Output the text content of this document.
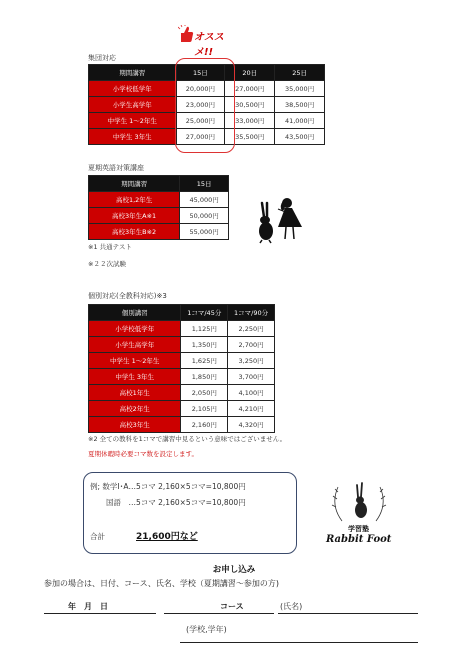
オススメ!!
集団対応
期間講習	15日	20日	25日
小学校低学年	20,000円	27,000円	35,000円
小学生高学年	23,000円	30,500円	38,500円
中学生 1〜2年生	25,000円	33,000円	41,000円
中学生 3年生	27,000円	35,500円	43,500円
夏期英語対策講座
期間講習	15日
高校1,2年生	45,000円
高校3年生A※1	50,000円
高校3年生B※2	55,000円
※1 共通テスト
※２２次試験
個別対応(全教科対応)※3
個別講習	1コマ/45分	1コマ/90分
小学校低学年	1,125円	2,250円
小学生高学年	1,350円	2,700円
中学生 1〜2年生	1,625円	3,250円
中学生 3年生	1,850円	3,700円
高校1年生	2,050円	4,100円
高校2年生	2,105円	4,210円
高校3年生	2,160円	4,320円
※2 全ての教科を1コマで講習中見るという意味ではございません。
夏期休暇時必要コマ数を設定します。
例; 数学Ⅰ･A…5コマ 2,160×5コマ=10,800円
国語　…5コマ 2,160×5コマ=10,800円
合計	21,600円など
学習塾
Rabbit Foot
お申し込み
参加の場合は、日付、コース、氏名、学校（夏期講習〜参加の方)
年　月　日	コース	(氏名)
(学校,学年)
